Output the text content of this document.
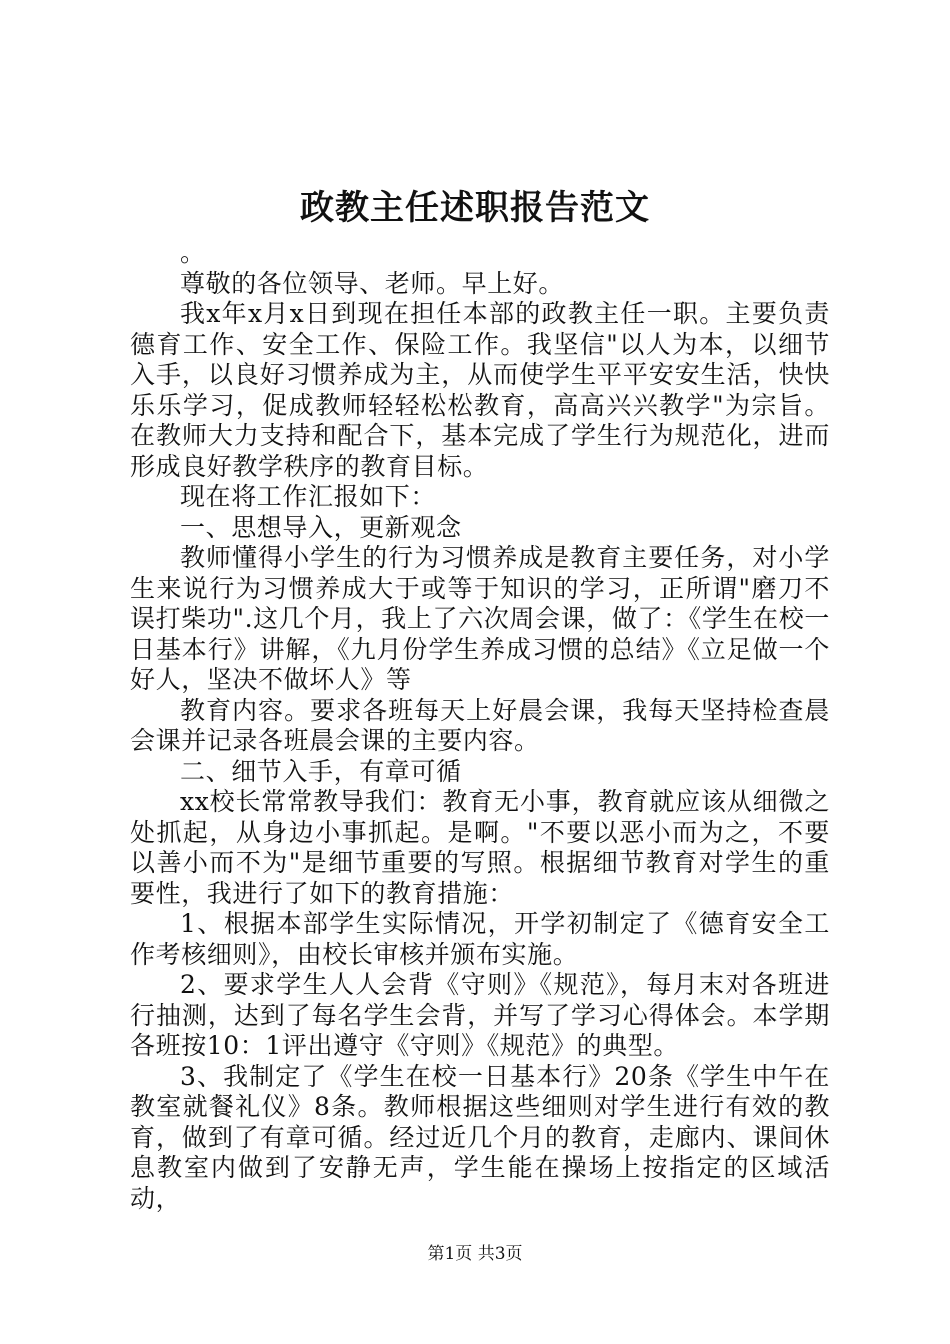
政教主任述职报告范文

。

尊敬的各位领导、老师。早上好。

我x年x月x日到现在担任本部的政教主任一职。主要负责德育工作、安全工作、保险工作。我坚信"以人为本，以细节入手，以良好习惯养成为主，从而使学生平平安安生活，快快乐乐学习，促成教师轻轻松松教育，高高兴兴教学"为宗旨。在教师大力支持和配合下，基本完成了学生行为规范化，进而形成良好教学秩序的教育目标。

现在将工作汇报如下：

一、思想导入，更新观念

教师懂得小学生的行为习惯养成是教育主要任务，对小学生来说行为习惯养成大于或等于知识的学习，正所谓"磨刀不误打柴功".这几个月，我上了六次周会课，做了：《学生在校一日基本行》讲解，《九月份学生养成习惯的总结》《立足做一个好人，坚决不做坏人》等

教育内容。要求各班每天上好晨会课，我每天坚持检查晨会课并记录各班晨会课的主要内容。

二、细节入手，有章可循

xx校长常常教导我们：教育无小事，教育就应该从细微之处抓起，从身边小事抓起。是啊。"不要以恶小而为之，不要以善小而不为"是细节重要的写照。根据细节教育对学生的重要性，我进行了如下的教育措施：

1、根据本部学生实际情况，开学初制定了《德育安全工作考核细则》，由校长审核并颁布实施。

2、要求学生人人会背《守则》《规范》，每月末对各班进行抽测，达到了每名学生会背，并写了学习心得体会。本学期各班按10：1评出遵守《守则》《规范》的典型。

3、我制定了《学生在校一日基本行》20条《学生中午在教室就餐礼仪》8条。教师根据这些细则对学生进行有效的教育，做到了有章可循。经过近几个月的教育，走廊内、课间休息教室内做到了安静无声，学生能在操场上按指定的区域活动，

第1页 共3页
